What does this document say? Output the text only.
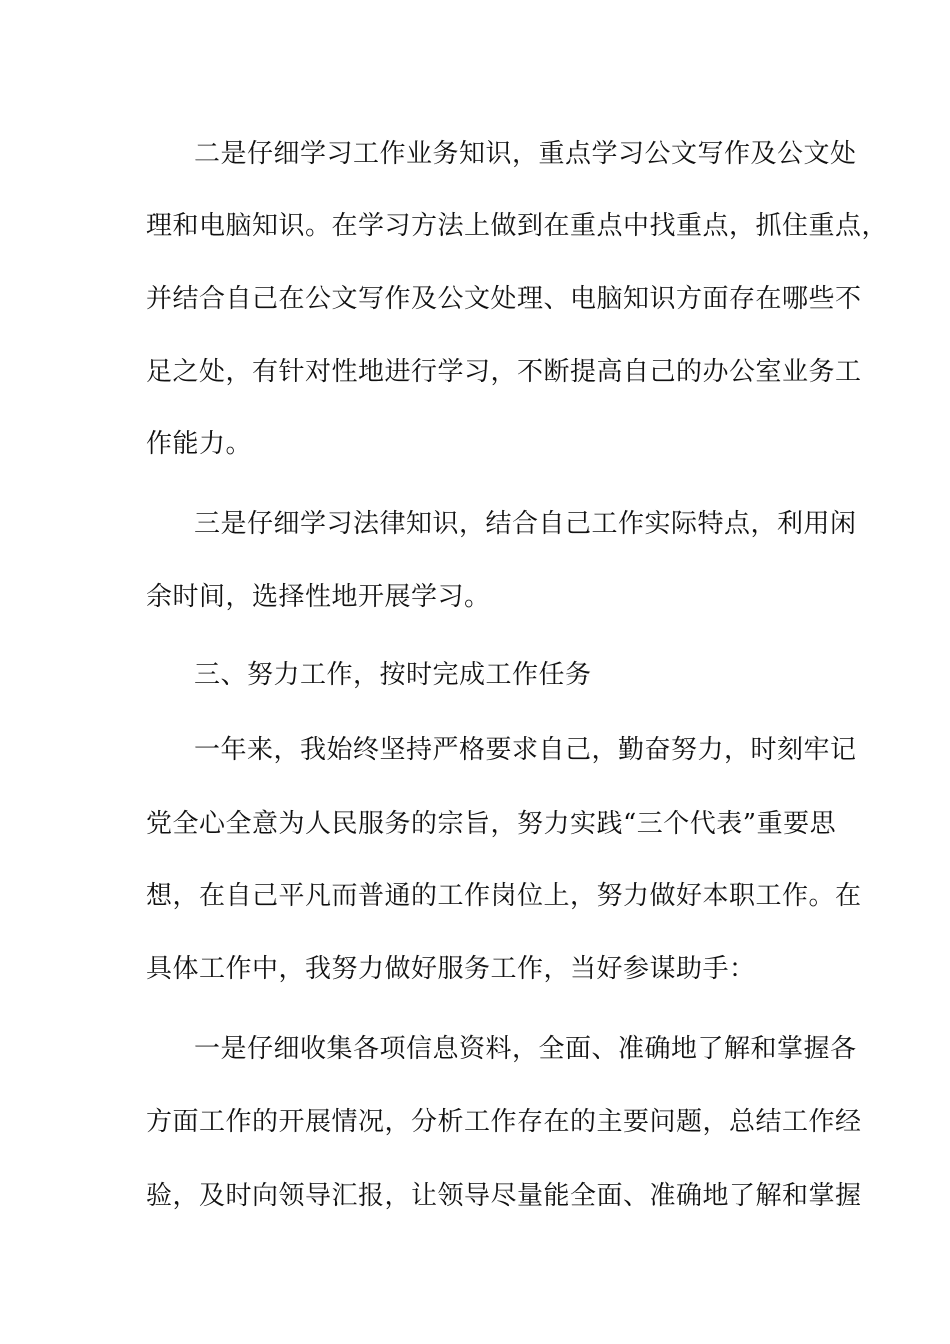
二是仔细学习工作业务知识，重点学习公文写作及公文处
理和电脑知识。在学习方法上做到在重点中找重点，抓住重点，
并结合自己在公文写作及公文处理、电脑知识方面存在哪些不
足之处，有针对性地进行学习，不断提高自己的办公室业务工
作能力。
三是仔细学习法律知识，结合自己工作实际特点，利用闲
余时间，选择性地开展学习。
三、努力工作，按时完成工作任务
一年来，我始终坚持严格要求自己，勤奋努力，时刻牢记
党全心全意为人民服务的宗旨，努力实践“三个代表”重要思
想，在自己平凡而普通的工作岗位上，努力做好本职工作。在
具体工作中，我努力做好服务工作，当好参谋助手：
一是仔细收集各项信息资料，全面、准确地了解和掌握各
方面工作的开展情况，分析工作存在的主要问题，总结工作经
验，及时向领导汇报，让领导尽量能全面、准确地了解和掌握
